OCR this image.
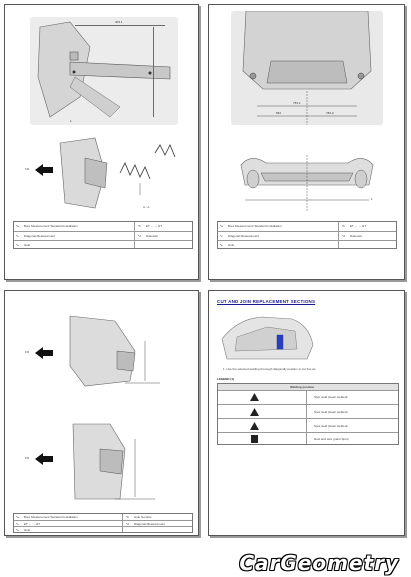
303.1
1
FR
A - A
*a Bore Measurement Standard Installation	*b ET ← → ET
*c Diagonal Measurement	*d Diameter
*e Hole
753.1
652	784.0
1
*a Bore Measurement Standard Installation	*b ET ← → ET
*c Diagonal Measurement	*d Diameter
*e Hole
FR
FR
*a Bore Measurement Standard Installation	*b Hole Number
*c ET ← → ET	*d Diagonal Measurement
*e Hole
CUT AND JOIN REPLACEMENT SECTIONS
1. Use the selected welding thorough diagonally position in cut line as
LEGEND (1)
Welding position
Spot weld (lower welded)
Spot weld (lower welded)
Spot weld (lower welded)
Rust and wire (paint Spot)
CarGeometry
